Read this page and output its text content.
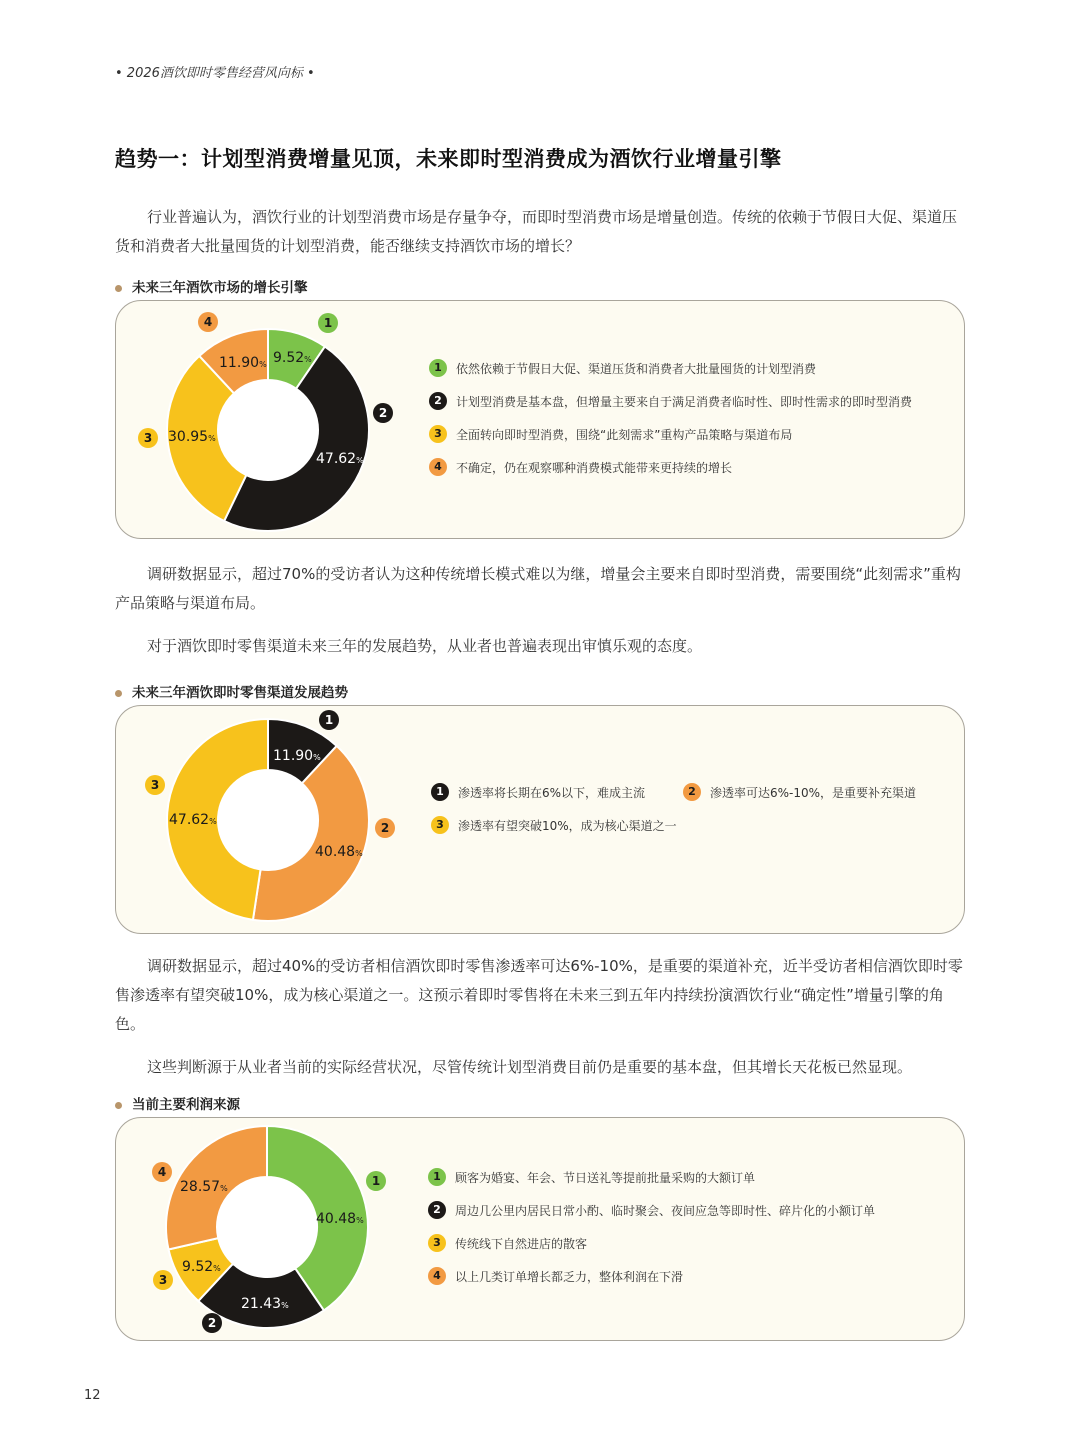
• 2026酒饮即时零售经营风向标 •
趋势一：计划型消费增量见顶，未来即时型消费成为酒饮行业增量引擎
行业普遍认为，酒饮行业的计划型消费市场是存量争夺，而即时型消费市场是增量创造。传统的依赖于节假日大促、渠道压货和消费者大批量囤货的计划型消费，能否继续支持酒饮市场的增长？
未来三年酒饮市场的增长引擎
9.52%
1
1	依然依赖于节假日大促、渠道压货和消费者大批量囤货的计划型消费
47.62%
2
2	计划型消费是基本盘，但增量主要来自于满足消费者临时性、即时性需求的即时型消费
30.95%
3	3	全面转向即时型消费，围绕“此刻需求”重构产品策略与渠道布局
11.90%
4
4	不确定，仍在观察哪种消费模式能带来更持续的增长
调研数据显示，超过70%的受访者认为这种传统增长模式难以为继，增量会主要来自即时型消费，需要围绕“此刻需求”重构产品策略与渠道布局。
对于酒饮即时零售渠道未来三年的发展趋势，从业者也普遍表现出审慎乐观的态度。
未来三年酒饮即时零售渠道发展趋势
11.90%
1
1	渗透率将长期在6%以下，难成主流
40.48%
2
2	渗透率可达6%-10%，是重要补充渠道
47.62%
3
3	渗透率有望突破10%，成为核心渠道之一
调研数据显示，超过40%的受访者相信酒饮即时零售渗透率可达6%-10%，是重要的渠道补充，近半受访者相信酒饮即时零售渗透率有望突破10%，成为核心渠道之一。这预示着即时零售将在未来三到五年内持续扮演酒饮行业“确定性”增量引擎的角色。
这些判断源于从业者当前的实际经营状况，尽管传统计划型消费目前仍是重要的基本盘，但其增长天花板已然显现。
当前主要利润来源
40.48%
1	1	顾客为婚宴、年会、节日送礼等提前批量采购的大额订单
21.43%
2
2	周边几公里内居民日常小酌、临时聚会、夜间应急等即时性、碎片化的小额订单
9.52%
3
3	传统线下自然进店的散客
28.57%
4
4	以上几类订单增长都乏力，整体利润在下滑
12
